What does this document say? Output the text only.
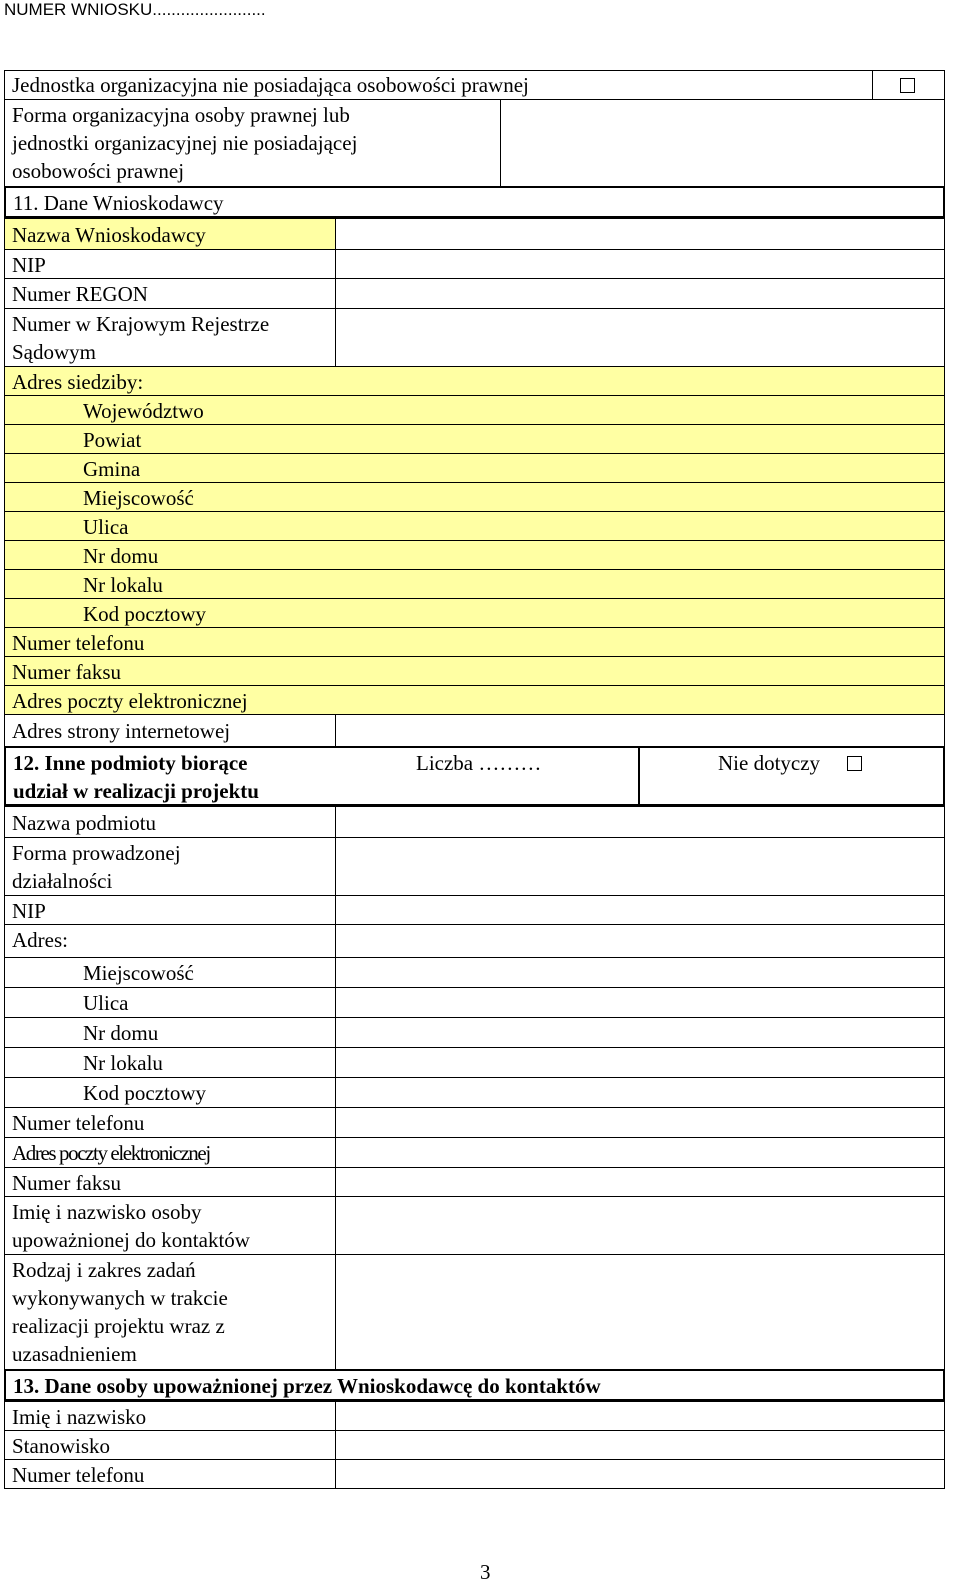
NUMER WNIOSKU........................
Jednostka organizacyjna nie posiadająca osobowości prawnej
Forma organizacyjna osoby prawnej lub
jednostki organizacyjnej nie posiadającej
osobowości prawnej
11. Dane Wnioskodawcy
Nazwa Wnioskodawcy
NIP
Numer REGON
Numer w Krajowym Rejestrze
Sądowym
Adres siedziby:
Województwo
Powiat
Gmina
Miejscowość
Ulica
Nr domu
Nr lokalu
Kod pocztowy
Numer telefonu
Numer faksu
Adres poczty elektronicznej
Adres strony internetowej
12. Inne podmioty biorące
udział w realizacji projektu
Liczba ………	Nie dotyczy
Nazwa podmiotu
Forma prowadzonej
działalności
NIP
Adres:
Miejscowość
Ulica
Nr domu
Nr lokalu
Kod pocztowy
Numer telefonu
Adres poczty elektronicznej
Numer faksu
Imię i nazwisko osoby
upoważnionej do kontaktów
Rodzaj i zakres zadań
wykonywanych w trakcie
realizacji projektu wraz z
uzasadnieniem
13. Dane osoby upoważnionej przez Wnioskodawcę do kontaktów
Imię i nazwisko
Stanowisko
Numer telefonu
3
